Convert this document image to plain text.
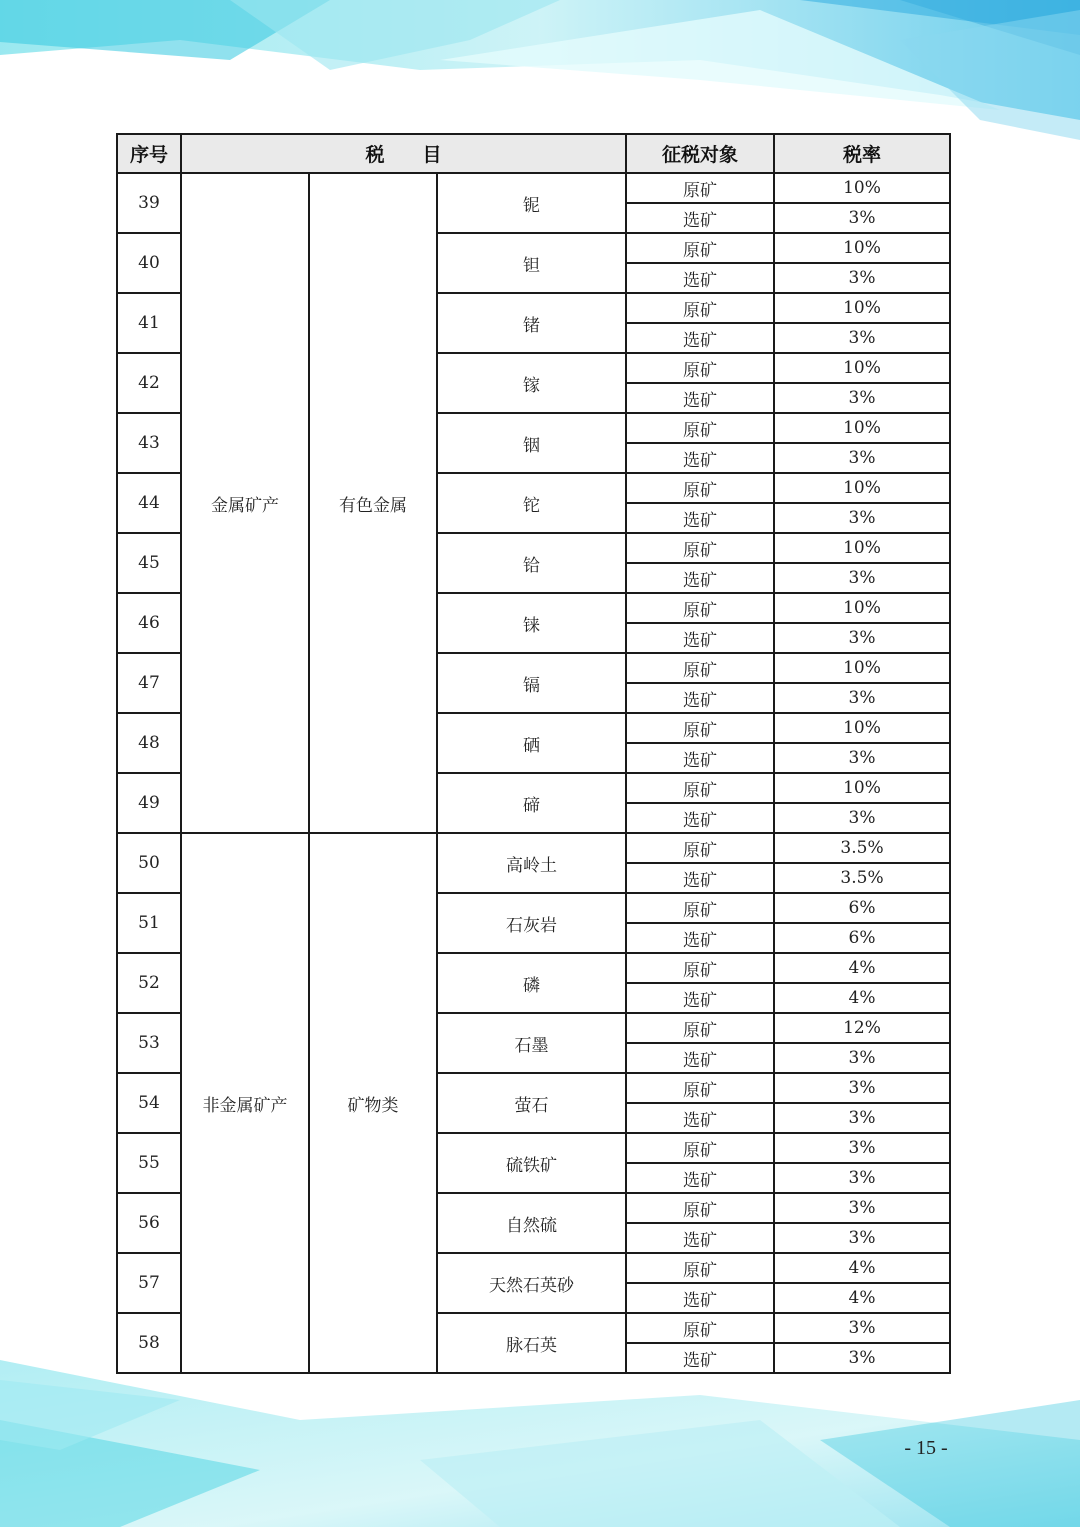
序号	税　　目			征税对象	税率
39	金属矿产	有色金属	铌	原矿	10%
				选矿	3%
40			钽	原矿	10%
				选矿	3%
41			锗	原矿	10%
				选矿	3%
42			镓	原矿	10%
				选矿	3%
43			铟	原矿	10%
				选矿	3%
44			铊	原矿	10%
				选矿	3%
45			铪	原矿	10%
				选矿	3%
46			铼	原矿	10%
				选矿	3%
47			镉	原矿	10%
				选矿	3%
48			硒	原矿	10%
				选矿	3%
49			碲	原矿	10%
				选矿	3%
50	非金属矿产	矿物类	高岭土	原矿	3.5%
				选矿	3.5%
51			石灰岩	原矿	6%
				选矿	6%
52			磷	原矿	4%
				选矿	4%
53			石墨	原矿	12%
				选矿	3%
54			萤石	原矿	3%
				选矿	3%
55			硫铁矿	原矿	3%
				选矿	3%
56			自然硫	原矿	3%
				选矿	3%
57			天然石英砂	原矿	4%
				选矿	4%
58			脉石英	原矿	3%
				选矿	3%
- 15 -
